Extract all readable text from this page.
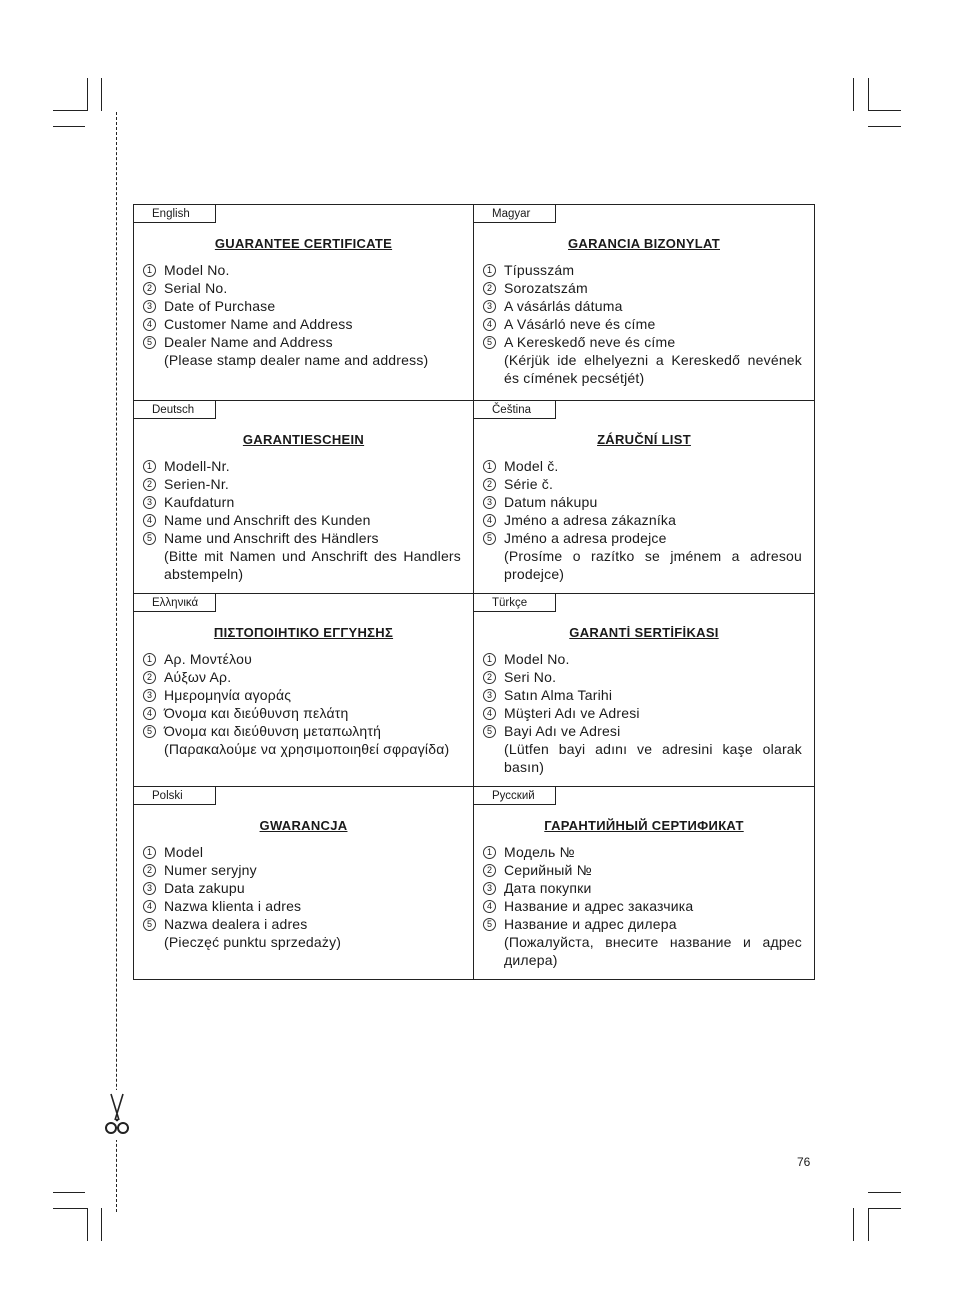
English
GUARANTEE CERTIFICATE
1 Model No.
2 Serial No.
3 Date of Purchase
4 Customer Name and Address
5 Dealer Name and Address
(Please stamp dealer name and address)
Magyar
GARANCIA BIZONYLAT
1 Típusszám
2 Sorozatszám
3 A vásárlás dátuma
4 A Vásárló neve és címe
5 A Kereskedő neve és címe
(Kérjük ide elhelyezni a Kereskedő nevének és címének pecsétjét)
Deutsch
GARANTIESCHEIN
1 Modell-Nr.
2 Serien-Nr.
3 Kaufdaturn
4 Name und Anschrift des Kunden
5 Name und Anschrift des Händlers
(Bitte mit Namen und Anschrift des Handlers abstempeln)
Čeština
ZÁRUČNÍ LIST
1 Model č.
2 Série č.
3 Datum nákupu
4 Jméno a adresa zákazníka
5 Jméno a adresa prodejce
(Prosíme o razítko se jménem a adresou prodejce)
Ελληνικά
ΠΙΣΤΟΠΟΙΗΤΙΚΟ ΕΓΓΥΗΣΗΣ
1 Αρ. Μοντέλου
2 Αύξων Αρ.
3 Ημερομηνία αγοράς
4 Όνομα και διεύθυνση πελάτη
5 Όνομα και διεύθυνση μεταπωλητή
(Παρακαλούμε να χρησιμοποιηθεί σφραγίδα)
Türkçe
GARANTİ SERTİFİKASI
1 Model No.
2 Seri No.
3 Satın Alma Tarihi
4 Müşteri Adı ve Adresi
5 Bayi Adı ve Adresi
(Lütfen bayi adını ve adresini kaşe olarak basın)
Polski
GWARANCJA
1 Model
2 Numer seryjny
3 Data zakupu
4 Nazwa klienta i adres
5 Nazwa dealera i adres
(Pieczęć punktu sprzedaży)
Русский
ГАРАНТИЙНЫЙ СЕРТИФИКАТ
1 Модель №
2 Серийный №
3 Дата покупки
4 Название и адрес заказчика
5 Название и адрес дилера
(Пожалуйста, внесите название и адрес дилера)
76
